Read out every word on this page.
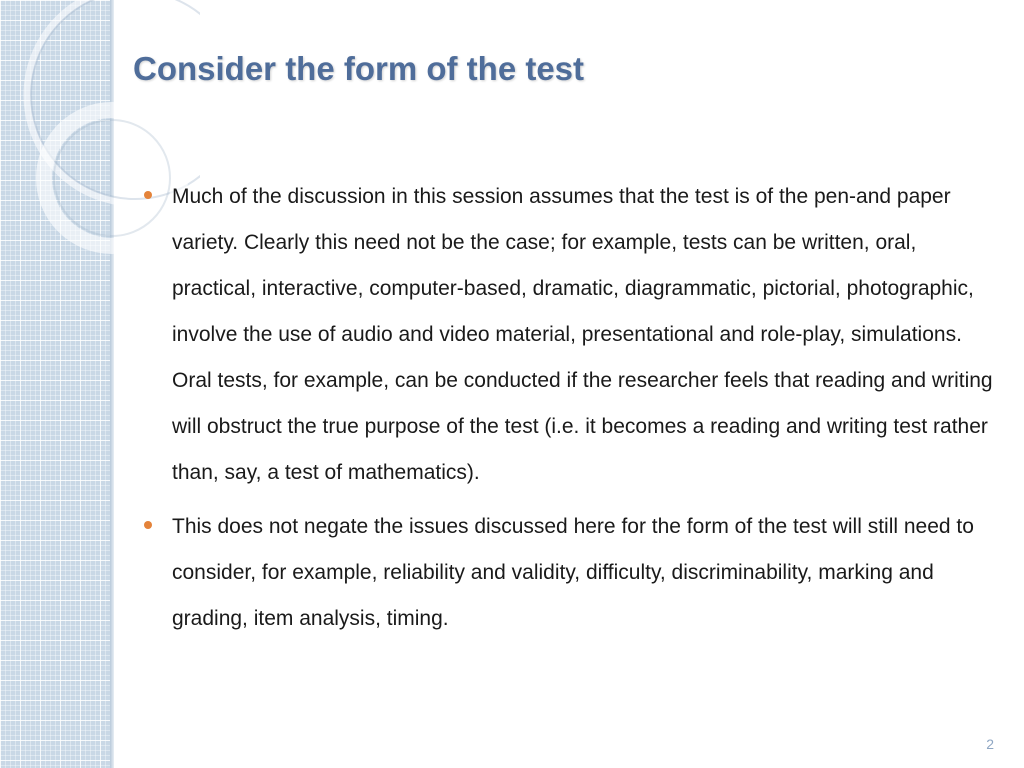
Consider the form of the test
Much of the discussion in this session assumes that the test is of the pen-and paper variety. Clearly this need not be the case; for example, tests can be written, oral, practical, interactive, computer-based, dramatic, diagrammatic, pictorial, photographic, involve the use of audio and video material, presentational and role-play, simulations. Oral tests, for example, can be conducted if the researcher feels that reading and writing will obstruct the true purpose of the test (i.e. it becomes a reading and writing test rather than, say, a test of mathematics).
This does not negate the issues discussed here for the form of the test will still need to consider, for example, reliability and validity, difficulty, discriminability, marking and grading, item analysis, timing.
2
